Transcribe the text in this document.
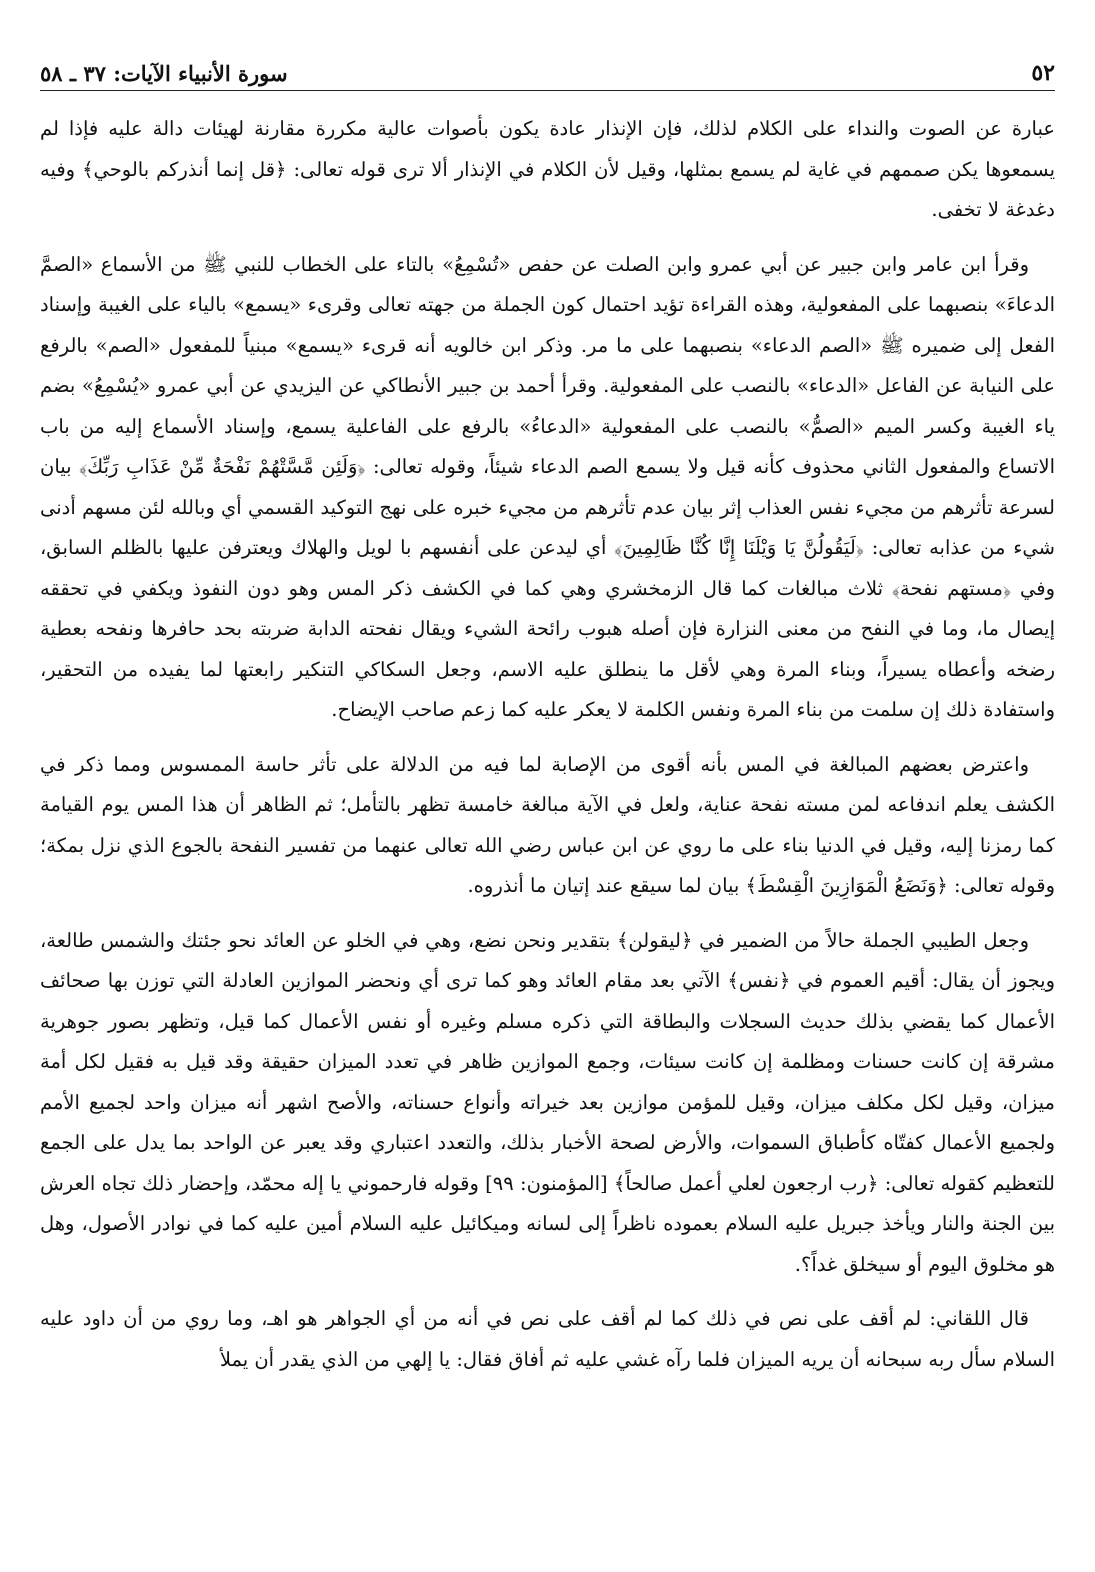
٥٢
سورة الأنبياء الآيات: ٣٧ ـ ٥٨

عبارة عن الصوت والنداء على الكلام لذلك، فإن الإنذار عادة يكون بأصوات عالية مكررة مقارنة لهيئات دالة عليه فإذا لم يسمعوها يكن صممهم في غاية لم يسمع بمثلها، وقيل لأن الكلام في الإنذار ألا ترى قوله تعالى: ﴿قل إنما أنذركم بالوحي﴾ وفيه دغدغة لا تخفى.

وقرأ ابن عامر وابن جبير عن أبي عمرو وابن الصلت عن حفص «تُسْمِعُ» بالتاء على الخطاب للنبي ﷺ من الأسماع «الصمَّ الدعاءَ» بنصبهما على المفعولية، وهذه القراءة تؤيد احتمال كون الجملة من جهته تعالى وقرىء «يسمع» بالياء على الغيبة وإسناد الفعل إلى ضميره ﷺ «الصم الدعاء» بنصبهما على ما مر. وذكر ابن خالويه أنه قرىء «يسمع» مبنياً للمفعول «الصم» بالرفع على النيابة عن الفاعل «الدعاء» بالنصب على المفعولية. وقرأ أحمد بن جبير الأنطاكي عن اليزيدي عن أبي عمرو «يُسْمِعُ» بضم ياء الغيبة وكسر الميم «الصمُّ» بالنصب على المفعولية «الدعاءُ» بالرفع على الفاعلية يسمع، وإسناد الأسماع إليه من باب الاتساع والمفعول الثاني محذوف كأنه قيل ولا يسمع الصم الدعاء شيئاً، وقوله تعالى: ﴿وَلَئِن مَّسَّتْهُمْ نَفْحَةٌ مِّنْ عَذَابِ رَبِّكَ﴾ بيان لسرعة تأثرهم من مجيء نفس العذاب إثر بيان عدم تأثرهم من مجيء خبره على نهج التوكيد القسمي أي وبالله لئن مسهم أدنى شيء من عذابه تعالى: ﴿لَيَقُولُنَّ يَا وَيْلَنَا إِنَّا كُنَّا ظَالِمِينَ﴾ أي ليدعن على أنفسهم با لويل والهلاك ويعترفن عليها بالظلم السابق، وفي ﴿مستهم نفحة﴾ ثلاث مبالغات كما قال الزمخشري وهي كما في الكشف ذكر المس وهو دون النفوذ ويكفي في تحققه إيصال ما، وما في النفح من معنى النزارة فإن أصله هبوب رائحة الشيء ويقال نفحته الدابة ضربته بحد حافرها ونفحه بعطية رضخه وأعطاه يسيراً، وبناء المرة وهي لأقل ما ينطلق عليه الاسم، وجعل السكاكي التنكير رابعتها لما يفيده من التحقير، واستفادة ذلك إن سلمت من بناء المرة ونفس الكلمة لا يعكر عليه كما زعم صاحب الإيضاح.

واعترض بعضهم المبالغة في المس بأنه أقوى من الإصابة لما فيه من الدلالة على تأثر حاسة الممسوس ومما ذكر في الكشف يعلم اندفاعه لمن مسته نفحة عناية، ولعل في الآية مبالغة خامسة تظهر بالتأمل؛ ثم الظاهر أن هذا المس يوم القيامة كما رمزنا إليه، وقيل في الدنيا بناء على ما روي عن ابن عباس رضي الله تعالى عنهما من تفسير النفحة بالجوع الذي نزل بمكة؛ وقوله تعالى: ﴿وَنَضَعُ الْمَوَازِينَ الْقِسْطَ﴾ بيان لما سيقع عند إتيان ما أنذروه.

وجعل الطيبي الجملة حالاً من الضمير في ﴿ليقولن﴾ بتقدير ونحن نضع، وهي في الخلو عن العائد نحو جئتك والشمس طالعة، ويجوز أن يقال: أقيم العموم في ﴿نفس﴾ الآتي بعد مقام العائد وهو كما ترى أي ونحضر الموازين العادلة التي توزن بها صحائف الأعمال كما يقضي بذلك حديث السجلات والبطاقة التي ذكره مسلم وغيره أو نفس الأعمال كما قيل، وتظهر بصور جوهرية مشرقة إن كانت حسنات ومظلمة إن كانت سيئات، وجمع الموازين ظاهر في تعدد الميزان حقيقة وقد قيل به فقيل لكل أمة ميزان، وقيل لكل مكلف ميزان، وقيل للمؤمن موازين بعد خيراته وأنواع حسناته، والأصح اشهر أنه ميزان واحد لجميع الأمم ولجميع الأعمال كفتّاه كأطباق السموات، والأرض لصحة الأخبار بذلك، والتعدد اعتباري وقد يعبر عن الواحد بما يدل على الجمع للتعظيم كقوله تعالى: ﴿رب ارجعون لعلي أعمل صالحاً﴾ [المؤمنون: ٩٩] وقوله فارحموني يا إله محمّد، وإحضار ذلك تجاه العرش بين الجنة والنار ويأخذ جبريل عليه السلام بعموده ناظراً إلى لسانه وميكائيل عليه السلام أمين عليه كما في نوادر الأصول، وهل هو مخلوق اليوم أو سيخلق غداً؟.

قال اللقاني: لم أقف على نص في ذلك كما لم أقف على نص في أنه من أي الجواهر هو اهـ، وما روي من أن داود عليه السلام سأل ربه سبحانه أن يريه الميزان فلما رآه غشي عليه ثم أفاق فقال: يا إلهي من الذي يقدر أن يملأ
